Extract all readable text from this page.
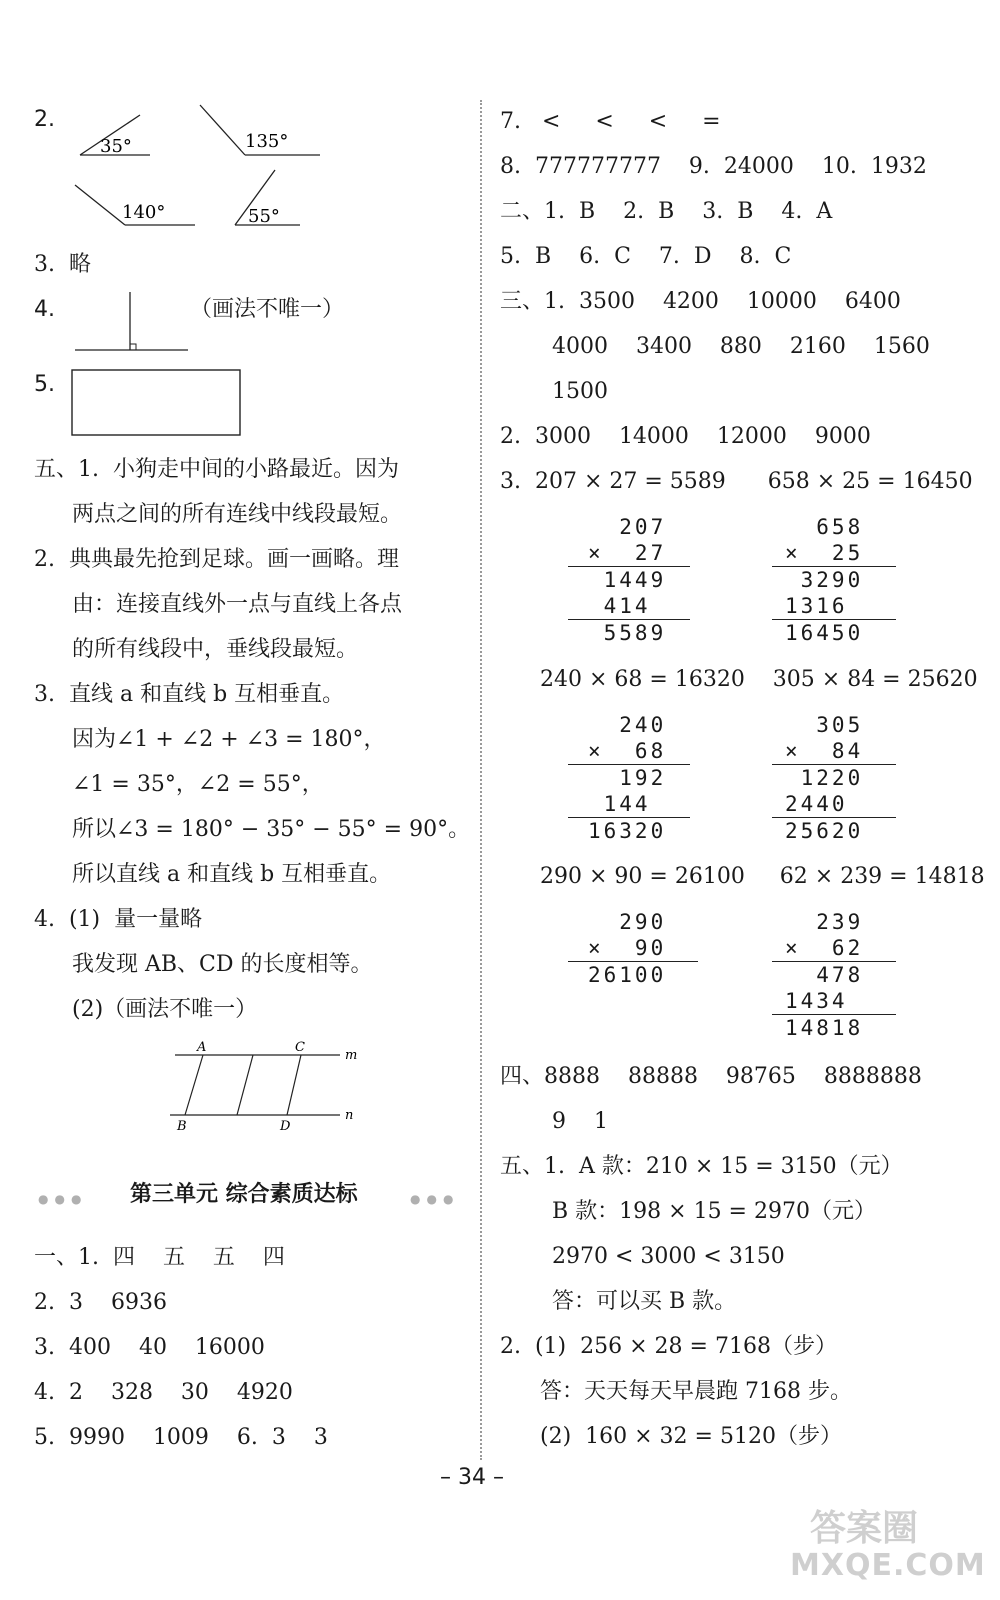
2.
35°	135°
140°	55°
3.  略
4.	（画法不唯一）
5.
五、1.  小狗走中间的小路最近。因为
两点之间的所有连线中线段最短。
2.  典典最先抢到足球。画一画略。理
由：连接直线外一点与直线上各点
的所有线段中，垂线段最短。
3.  直线 a 和直线 b 互相垂直。
因为∠1 + ∠2 + ∠3 = 180°，
∠1 = 35°，∠2 = 55°，
所以∠3 = 180° − 35° − 55° = 90°。
所以直线 a 和直线 b 互相垂直。
4.  (1)  量一量略
我发现 AB、CD 的长度相等。
(2)（画法不唯一）
A	C
m
B	D
n
●●● 第三单元 综合素质达标	●●●
一、1.  四    五    五    四
2.  3    6936
3.  400    40    16000
4.  2    328    30    4920
5.  9990    1009    6.  3    3
7.   <     <     <     =
8.  777777777    9.  24000    10.  1932
二、1.  B    2.  B    3.  B    4.  A
5.  B    6.  C    7.  D    8.  C
三、1.  3500    4200    10000    6400
4000    3400    880    2160    1560
1500
2.  3000    14000    12000    9000
3.  207 × 27 = 5589      658 × 25 = 16450
207
×  27
1449
414
5589
658
×  25
3290
1316
16450
240 × 68 = 16320    305 × 84 = 25620
240
×  68
192
144
16320
305
×  84
1220
2440
25620
290 × 90 = 26100     62 × 239 = 14818
290
×  90
26100
239
×  62
478
1434
14818
四、8888    88888    98765    8888888
9    1
五、1.  A 款：210 × 15 = 3150（元）
B 款：198 × 15 = 2970（元）
2970 < 3000 < 3150
答：可以买 B 款。
2.  (1)  256 × 28 = 7168（步）
答：天天每天早晨跑 7168 步。
(2)  160 × 32 = 5120（步）
– 34 –
答案圈
MXQE.COM
